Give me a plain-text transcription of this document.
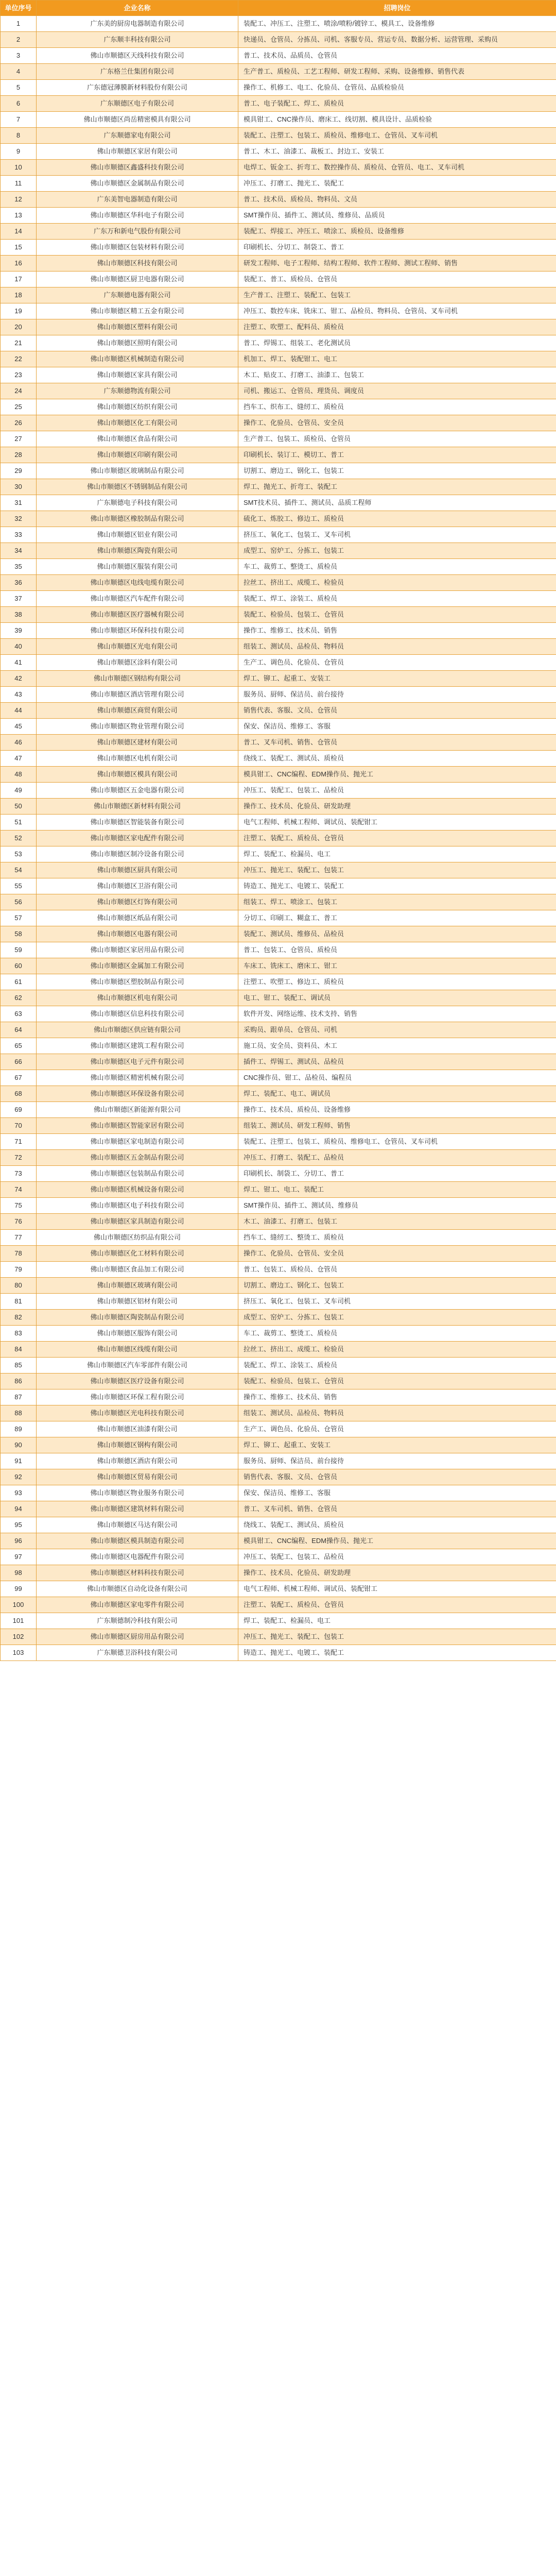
单位序号	企业名称	招聘岗位
1	广东美的厨房电器制造有限公司	装配工、冲压工、注塑工、喷涂/喷粉/镀锌工、模具工、设备维修
2	广东顺丰科技有限公司	快递员、仓管员、分拣员、司机、客服专员、营运专员、数据分析、运营管理、采购员
3	佛山市顺德区天线科技有限公司	普工、技术员、品质员、仓管员
4	广东格兰仕集团有限公司	生产普工、质检员、工艺工程师、研发工程师、采购、设备维修、销售代表
5	广东德冠薄膜新材料股份有限公司	操作工、机修工、电工、化验员、仓管员、品质检验员
6	广东顺德区电子有限公司	普工、电子装配工、焊工、质检员
7	佛山市顺德区尚岳精密模具有限公司	模具钳工、CNC操作员、磨床工、线切割、模具设计、品质检验
8	广东顺德家电有限公司	装配工、注塑工、包装工、质检员、维修电工、仓管员、叉车司机
9	佛山市顺德区家居有限公司	普工、木工、油漆工、裁板工、封边工、安装工
10	佛山市顺德区鑫盛科技有限公司	电焊工、钣金工、折弯工、数控操作员、质检员、仓管员、电工、叉车司机
11	佛山市顺德区金属制品有限公司	冲压工、打磨工、抛光工、装配工
12	广东美智电器制造有限公司	普工、技术员、质检员、物料员、文员
13	佛山市顺德区华科电子有限公司	SMT操作员、插件工、测试员、维修员、品质员
14	广东万和新电气股份有限公司	装配工、焊接工、冲压工、喷涂工、质检员、设备维修
15	佛山市顺德区包装材料有限公司	印刷机长、分切工、制袋工、普工
16	佛山市顺德区科技有限公司	研发工程师、电子工程师、结构工程师、软件工程师、测试工程师、销售
17	佛山市顺德区厨卫电器有限公司	装配工、普工、质检员、仓管员
18	广东顺德电器有限公司	生产普工、注塑工、装配工、包装工
19	佛山市顺德区精工五金有限公司	冲压工、数控车床、铣床工、钳工、品检员、物料员、仓管员、叉车司机
20	佛山市顺德区塑料有限公司	注塑工、吹塑工、配料员、质检员
21	佛山市顺德区照明有限公司	普工、焊锡工、组装工、老化测试员
22	佛山市顺德区机械制造有限公司	机加工、焊工、装配钳工、电工
23	佛山市顺德区家具有限公司	木工、贴皮工、打磨工、油漆工、包装工
24	广东顺德物流有限公司	司机、搬运工、仓管员、理货员、调度员
25	佛山市顺德区纺织有限公司	挡车工、织布工、缝纫工、质检员
26	佛山市顺德区化工有限公司	操作工、化验员、仓管员、安全员
27	佛山市顺德区食品有限公司	生产普工、包装工、质检员、仓管员
28	佛山市顺德区印刷有限公司	印刷机长、装订工、模切工、普工
29	佛山市顺德区玻璃制品有限公司	切割工、磨边工、钢化工、包装工
30	佛山市顺德区不锈钢制品有限公司	焊工、抛光工、折弯工、装配工
31	广东顺德电子科技有限公司	SMT技术员、插件工、测试员、品质工程师
32	佛山市顺德区橡胶制品有限公司	硫化工、炼胶工、修边工、质检员
33	佛山市顺德区铝业有限公司	挤压工、氧化工、包装工、叉车司机
34	佛山市顺德区陶瓷有限公司	成型工、窑炉工、分拣工、包装工
35	佛山市顺德区服装有限公司	车工、裁剪工、整烫工、质检员
36	佛山市顺德区电线电缆有限公司	拉丝工、挤出工、成缆工、检验员
37	佛山市顺德区汽车配件有限公司	装配工、焊工、涂装工、质检员
38	佛山市顺德区医疗器械有限公司	装配工、检验员、包装工、仓管员
39	佛山市顺德区环保科技有限公司	操作工、维修工、技术员、销售
40	佛山市顺德区光电有限公司	组装工、测试员、品检员、物料员
41	佛山市顺德区涂料有限公司	生产工、调色员、化验员、仓管员
42	佛山市顺德区钢结构有限公司	焊工、铆工、起重工、安装工
43	佛山市顺德区酒店管理有限公司	服务员、厨师、保洁员、前台接待
44	佛山市顺德区商贸有限公司	销售代表、客服、文员、仓管员
45	佛山市顺德区物业管理有限公司	保安、保洁员、维修工、客服
46	佛山市顺德区建材有限公司	普工、叉车司机、销售、仓管员
47	佛山市顺德区电机有限公司	绕线工、装配工、测试员、质检员
48	佛山市顺德区模具有限公司	模具钳工、CNC编程、EDM操作员、抛光工
49	佛山市顺德区五金电器有限公司	冲压工、装配工、包装工、品检员
50	佛山市顺德区新材料有限公司	操作工、技术员、化验员、研发助理
51	佛山市顺德区智能装备有限公司	电气工程师、机械工程师、调试员、装配钳工
52	佛山市顺德区家电配件有限公司	注塑工、装配工、质检员、仓管员
53	佛山市顺德区制冷设备有限公司	焊工、装配工、检漏员、电工
54	佛山市顺德区厨具有限公司	冲压工、抛光工、装配工、包装工
55	佛山市顺德区卫浴有限公司	铸造工、抛光工、电镀工、装配工
56	佛山市顺德区灯饰有限公司	组装工、焊工、喷涂工、包装工
57	佛山市顺德区纸品有限公司	分切工、印刷工、糊盒工、普工
58	佛山市顺德区电器有限公司	装配工、测试员、维修员、品检员
59	佛山市顺德区家居用品有限公司	普工、包装工、仓管员、质检员
60	佛山市顺德区金属加工有限公司	车床工、铣床工、磨床工、钳工
61	佛山市顺德区塑胶制品有限公司	注塑工、吹塑工、修边工、质检员
62	佛山市顺德区机电有限公司	电工、钳工、装配工、调试员
63	佛山市顺德区信息科技有限公司	软件开发、网络运维、技术支持、销售
64	佛山市顺德区供应链有限公司	采购员、跟单员、仓管员、司机
65	佛山市顺德区建筑工程有限公司	施工员、安全员、资料员、木工
66	佛山市顺德区电子元件有限公司	插件工、焊锡工、测试员、品检员
67	佛山市顺德区精密机械有限公司	CNC操作员、钳工、品检员、编程员
68	佛山市顺德区环保设备有限公司	焊工、装配工、电工、调试员
69	佛山市顺德区新能源有限公司	操作工、技术员、质检员、设备维修
70	佛山市顺德区智能家居有限公司	组装工、测试员、研发工程师、销售
71	佛山市顺德区家电制造有限公司	装配工、注塑工、包装工、质检员、维修电工、仓管员、叉车司机
72	佛山市顺德区五金制品有限公司	冲压工、打磨工、装配工、品检员
73	佛山市顺德区包装制品有限公司	印刷机长、制袋工、分切工、普工
74	佛山市顺德区机械设备有限公司	焊工、钳工、电工、装配工
75	佛山市顺德区电子科技有限公司	SMT操作员、插件工、测试员、维修员
76	佛山市顺德区家具制造有限公司	木工、油漆工、打磨工、包装工
77	佛山市顺德区纺织品有限公司	挡车工、缝纫工、整烫工、质检员
78	佛山市顺德区化工材料有限公司	操作工、化验员、仓管员、安全员
79	佛山市顺德区食品加工有限公司	普工、包装工、质检员、仓管员
80	佛山市顺德区玻璃有限公司	切割工、磨边工、钢化工、包装工
81	佛山市顺德区铝材有限公司	挤压工、氧化工、包装工、叉车司机
82	佛山市顺德区陶瓷制品有限公司	成型工、窑炉工、分拣工、包装工
83	佛山市顺德区服饰有限公司	车工、裁剪工、整烫工、质检员
84	佛山市顺德区线缆有限公司	拉丝工、挤出工、成缆工、检验员
85	佛山市顺德区汽车零部件有限公司	装配工、焊工、涂装工、质检员
86	佛山市顺德区医疗设备有限公司	装配工、检验员、包装工、仓管员
87	佛山市顺德区环保工程有限公司	操作工、维修工、技术员、销售
88	佛山市顺德区光电科技有限公司	组装工、测试员、品检员、物料员
89	佛山市顺德区油漆有限公司	生产工、调色员、化验员、仓管员
90	佛山市顺德区钢构有限公司	焊工、铆工、起重工、安装工
91	佛山市顺德区酒店有限公司	服务员、厨师、保洁员、前台接待
92	佛山市顺德区贸易有限公司	销售代表、客服、文员、仓管员
93	佛山市顺德区物业服务有限公司	保安、保洁员、维修工、客服
94	佛山市顺德区建筑材料有限公司	普工、叉车司机、销售、仓管员
95	佛山市顺德区马达有限公司	绕线工、装配工、测试员、质检员
96	佛山市顺德区模具制造有限公司	模具钳工、CNC编程、EDM操作员、抛光工
97	佛山市顺德区电器配件有限公司	冲压工、装配工、包装工、品检员
98	佛山市顺德区材料科技有限公司	操作工、技术员、化验员、研发助理
99	佛山市顺德区自动化设备有限公司	电气工程师、机械工程师、调试员、装配钳工
100	佛山市顺德区家电零件有限公司	注塑工、装配工、质检员、仓管员
101	广东顺德制冷科技有限公司	焊工、装配工、检漏员、电工
102	佛山市顺德区厨房用品有限公司	冲压工、抛光工、装配工、包装工
103	广东顺德卫浴科技有限公司	铸造工、抛光工、电镀工、装配工
